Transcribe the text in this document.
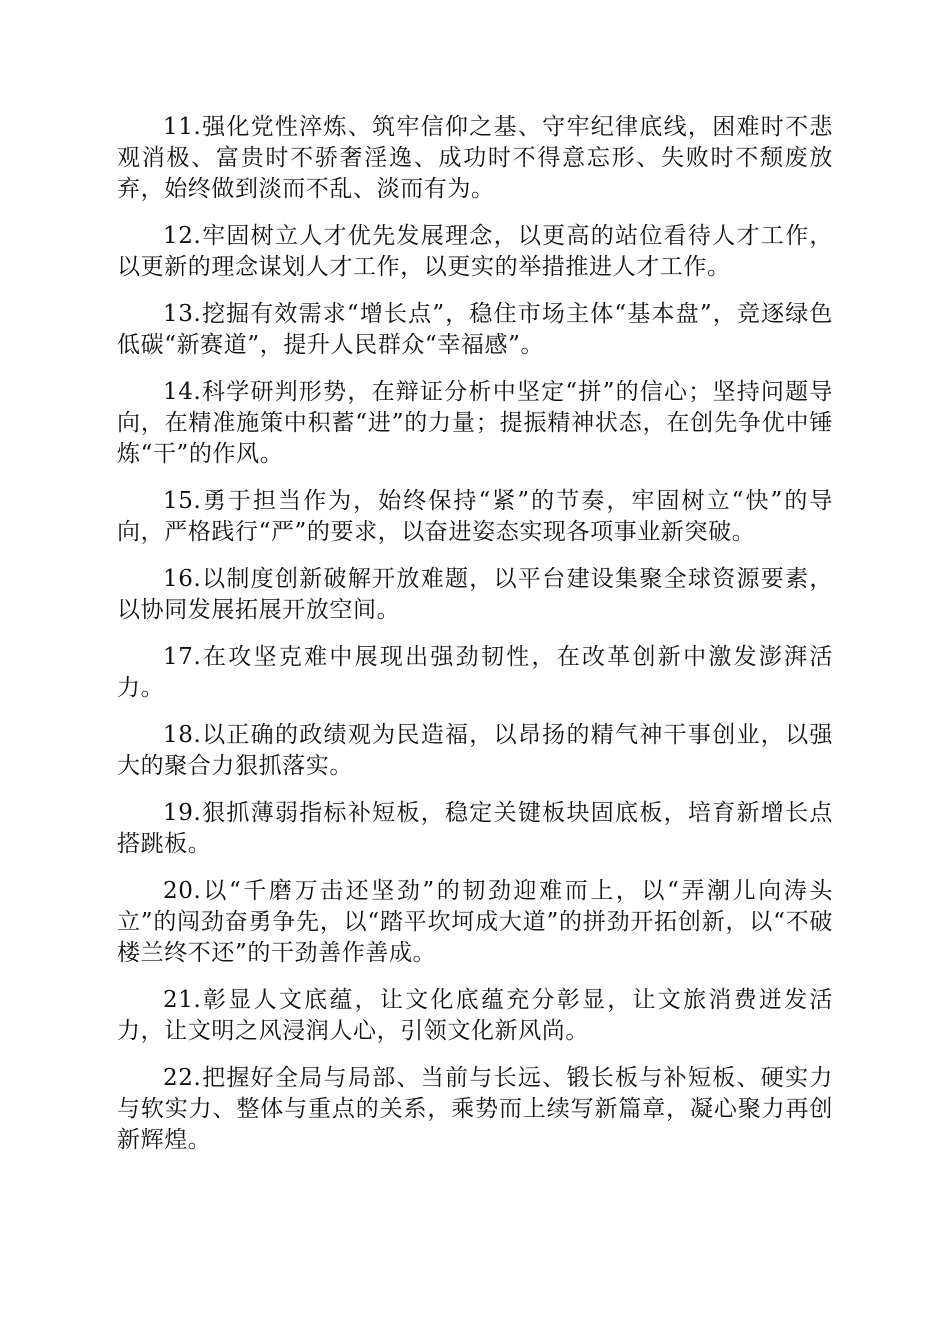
11.强化党性淬炼、筑牢信仰之基、守牢纪律底线，困难时不悲观消极、富贵时不骄奢淫逸、成功时不得意忘形、失败时不颓废放弃，始终做到淡而不乱、淡而有为。

12.牢固树立人才优先发展理念，以更高的站位看待人才工作，以更新的理念谋划人才工作，以更实的举措推进人才工作。

13.挖掘有效需求“增长点”，稳住市场主体“基本盘”，竞逐绿色低碳“新赛道”，提升人民群众“幸福感”。

14.科学研判形势，在辩证分析中坚定“拼”的信心；坚持问题导向，在精准施策中积蓄“进”的力量；提振精神状态，在创先争优中锤炼“干”的作风。

15.勇于担当作为，始终保持“紧”的节奏，牢固树立“快”的导向，严格践行“严”的要求，以奋进姿态实现各项事业新突破。

16.以制度创新破解开放难题，以平台建设集聚全球资源要素，以协同发展拓展开放空间。

17.在攻坚克难中展现出强劲韧性，在改革创新中激发澎湃活力。

18.以正确的政绩观为民造福，以昂扬的精气神干事创业，以强大的聚合力狠抓落实。

19.狠抓薄弱指标补短板，稳定关键板块固底板，培育新增长点搭跳板。

20.以“千磨万击还坚劲”的韧劲迎难而上，以“弄潮儿向涛头立”的闯劲奋勇争先，以“踏平坎坷成大道”的拼劲开拓创新，以“不破楼兰终不还”的干劲善作善成。

21.彰显人文底蕴，让文化底蕴充分彰显，让文旅消费迸发活力，让文明之风浸润人心，引领文化新风尚。

22.把握好全局与局部、当前与长远、锻长板与补短板、硬实力与软实力、整体与重点的关系，乘势而上续写新篇章，凝心聚力再创新辉煌。
